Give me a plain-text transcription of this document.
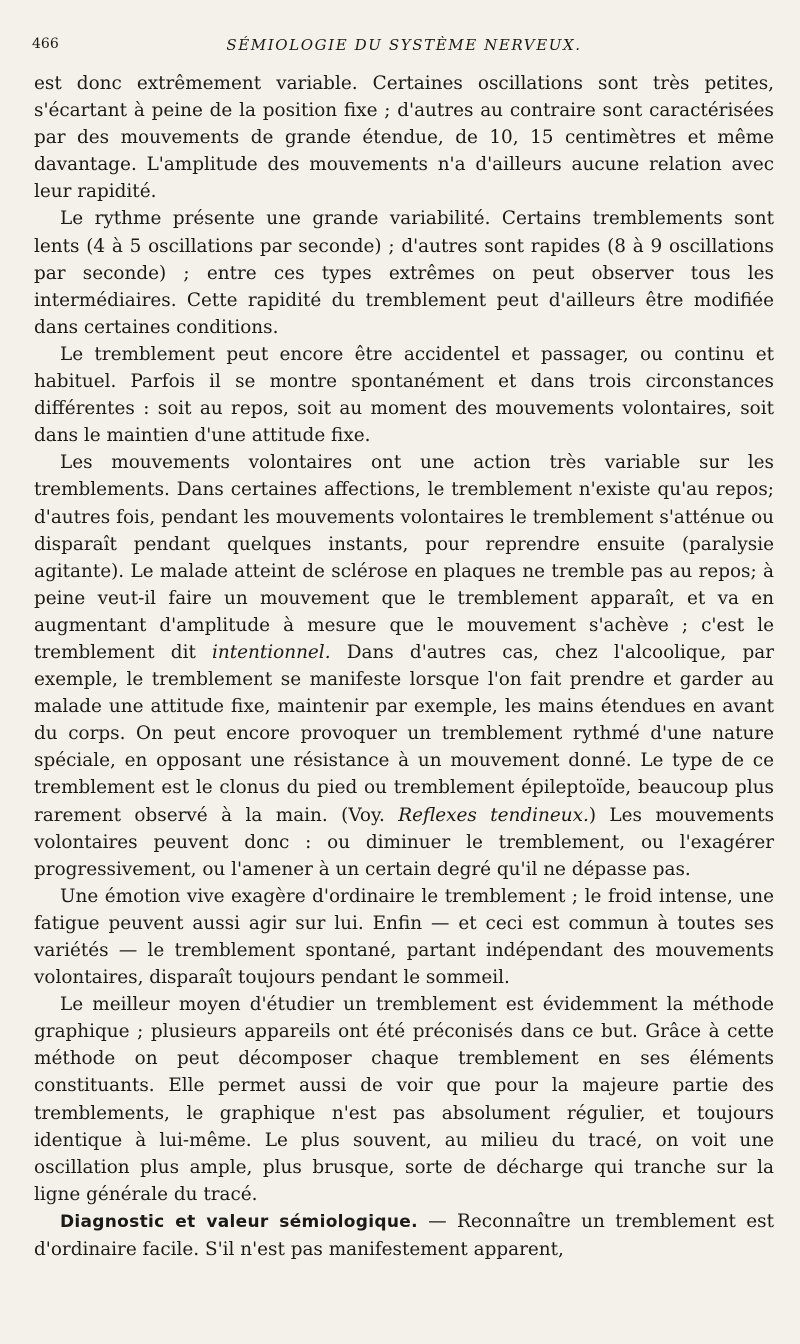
466	SÉMIOLOGIE DU SYSTÈME NERVEUX.

est donc extrêmement variable. Certaines oscillations sont très petites, s'écartant à peine de la position fixe ; d'autres au contraire sont caractérisées par des mouvements de grande étendue, de 10, 15 centimètres et même davantage. L'amplitude des mouvements n'a d'ailleurs aucune relation avec leur rapidité.

Le rythme présente une grande variabilité. Certains tremblements sont lents (4 à 5 oscillations par seconde) ; d'autres sont rapides (8 à 9 oscillations par seconde) ; entre ces types extrêmes on peut observer tous les intermédiaires. Cette rapidité du tremblement peut d'ailleurs être modifiée dans certaines conditions.

Le tremblement peut encore être accidentel et passager, ou continu et habituel. Parfois il se montre spontanément et dans trois circonstances différentes : soit au repos, soit au moment des mouvements volontaires, soit dans le maintien d'une attitude fixe.

Les mouvements volontaires ont une action très variable sur les tremblements. Dans certaines affections, le tremblement n'existe qu'au repos; d'autres fois, pendant les mouvements volontaires le tremblement s'atténue ou disparaît pendant quelques instants, pour reprendre ensuite (paralysie agitante). Le malade atteint de sclérose en plaques ne tremble pas au repos; à peine veut-il faire un mouvement que le tremblement apparaît, et va en augmentant d'amplitude à mesure que le mouvement s'achève ; c'est le tremblement dit intentionnel. Dans d'autres cas, chez l'alcoolique, par exemple, le tremblement se manifeste lorsque l'on fait prendre et garder au malade une attitude fixe, maintenir par exemple, les mains étendues en avant du corps. On peut encore provoquer un tremblement rythmé d'une nature spéciale, en opposant une résistance à un mouvement donné. Le type de ce tremblement est le clonus du pied ou tremblement épileptoïde, beaucoup plus rarement observé à la main. (Voy. Reflexes tendineux.) Les mouvements volontaires peuvent donc : ou diminuer le tremblement, ou l'exagérer progressivement, ou l'amener à un certain degré qu'il ne dépasse pas.

Une émotion vive exagère d'ordinaire le tremblement ; le froid intense, une fatigue peuvent aussi agir sur lui. Enfin — et ceci est commun à toutes ses variétés — le tremblement spontané, partant indépendant des mouvements volontaires, disparaît toujours pendant le sommeil.

Le meilleur moyen d'étudier un tremblement est évidemment la méthode graphique ; plusieurs appareils ont été préconisés dans ce but. Grâce à cette méthode on peut décomposer chaque tremblement en ses éléments constituants. Elle permet aussi de voir que pour la majeure partie des tremblements, le graphique n'est pas absolument régulier, et toujours identique à lui-même. Le plus souvent, au milieu du tracé, on voit une oscillation plus ample, plus brusque, sorte de décharge qui tranche sur la ligne générale du tracé.

Diagnostic et valeur sémiologique. — Reconnaître un tremblement est d'ordinaire facile. S'il n'est pas manifestement apparent,
